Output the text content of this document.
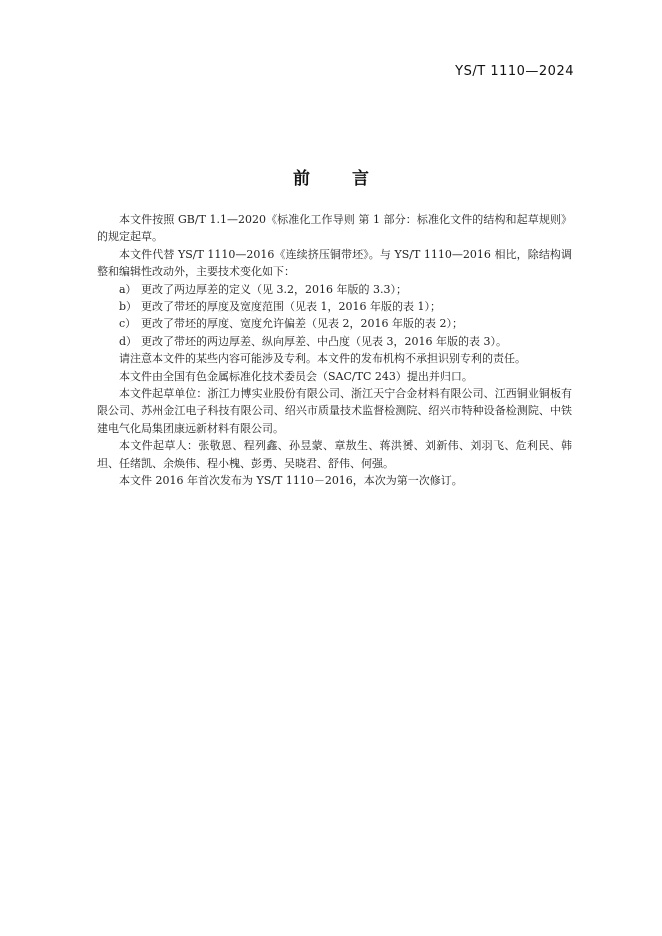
YS/T 1110—2024
前 言

本文件按照 GB/T 1.1—2020《标准化工作导则 第 1 部分：标准化文件的结构和起草规则》的规定起草。

本文件代替 YS/T 1110—2016《连续挤压铜带坯》。与 YS/T 1110—2016 相比，除结构调整和编辑性改动外，主要技术变化如下：

a） 更改了两边厚差的定义（见 3.2，2016 年版的 3.3）；

b） 更改了带坯的厚度及宽度范围（见表 1，2016 年版的表 1）；

c） 更改了带坯的厚度、宽度允许偏差（见表 2，2016 年版的表 2）；

d） 更改了带坯的两边厚差、纵向厚差、中凸度（见表 3，2016 年版的表 3）。

请注意本文件的某些内容可能涉及专利。本文件的发布机构不承担识别专利的责任。

本文件由全国有色金属标准化技术委员会（SAC/TC 243）提出并归口。

本文件起草单位：浙江力博实业股份有限公司、浙江天宁合金材料有限公司、江西铜业铜板有限公司、苏州金江电子科技有限公司、绍兴市质量技术监督检测院、绍兴市特种设备检测院、中铁建电气化局集团康远新材料有限公司。

本文件起草人：张敬恩、程列鑫、孙昱蒙、章敖生、蒋洪赟、刘新伟、刘羽飞、危利民、韩坦、任绪凯、余焕伟、程小槐、彭勇、吴晓君、舒伟、何强。

本文件 2016 年首次发布为 YS/T 1110－2016，本次为第一次修订。
